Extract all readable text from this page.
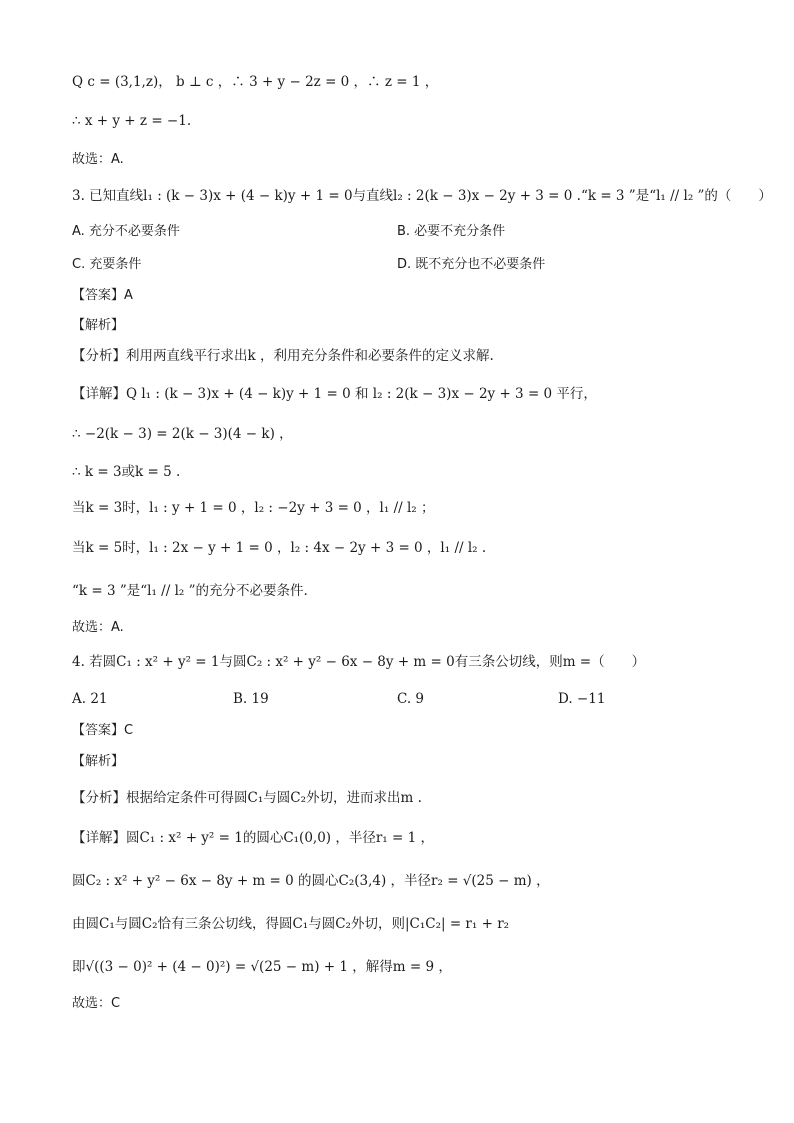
Q c = (3,1,z)， b ⊥ c ，∴ 3 + y − 2z = 0 ，∴ z = 1 ，
∴ x + y + z = −1.
故选：A.
3. 已知直线l₁ : (k − 3)x + (4 − k)y + 1 = 0与直线l₂ : 2(k − 3)x − 2y + 3 = 0 .“k = 3 ”是“l₁ // l₂ ”的（　　）
A. 充分不必要条件	B. 必要不充分条件
C. 充要条件	D. 既不充分也不必要条件
【答案】A
【解析】
【分析】利用两直线平行求出k ，利用充分条件和必要条件的定义求解.
【详解】Q l₁ : (k − 3)x + (4 − k)y + 1 = 0 和 l₂ : 2(k − 3)x − 2y + 3 = 0 平行，
∴ −2(k − 3) = 2(k − 3)(4 − k) ，
∴ k = 3或k = 5 .
当k = 3时，l₁ : y + 1 = 0 ，l₂ : −2y + 3 = 0 ，l₁ // l₂ ；
当k = 5时，l₁ : 2x − y + 1 = 0 ，l₂ : 4x − 2y + 3 = 0 ，l₁ // l₂ .
“k = 3 ”是“l₁ // l₂ ”的充分不必要条件.
故选：A.
4. 若圆C₁ : x² + y² = 1与圆C₂ : x² + y² − 6x − 8y + m = 0有三条公切线，则m =（　　）
A. 21	B. 19	C. 9	D. −11
【答案】C
【解析】
【分析】根据给定条件可得圆C₁与圆C₂外切，进而求出m .
【详解】圆C₁ : x² + y² = 1的圆心C₁(0,0) ，半径r₁ = 1 ，
圆C₂ : x² + y² − 6x − 8y + m = 0 的圆心C₂(3,4) ，半径r₂ = √(25 − m) ，
由圆C₁与圆C₂恰有三条公切线，得圆C₁与圆C₂外切，则|C₁C₂| = r₁ + r₂
即√((3 − 0)² + (4 − 0)²) = √(25 − m) + 1 ，解得m = 9 ，
故选：C
